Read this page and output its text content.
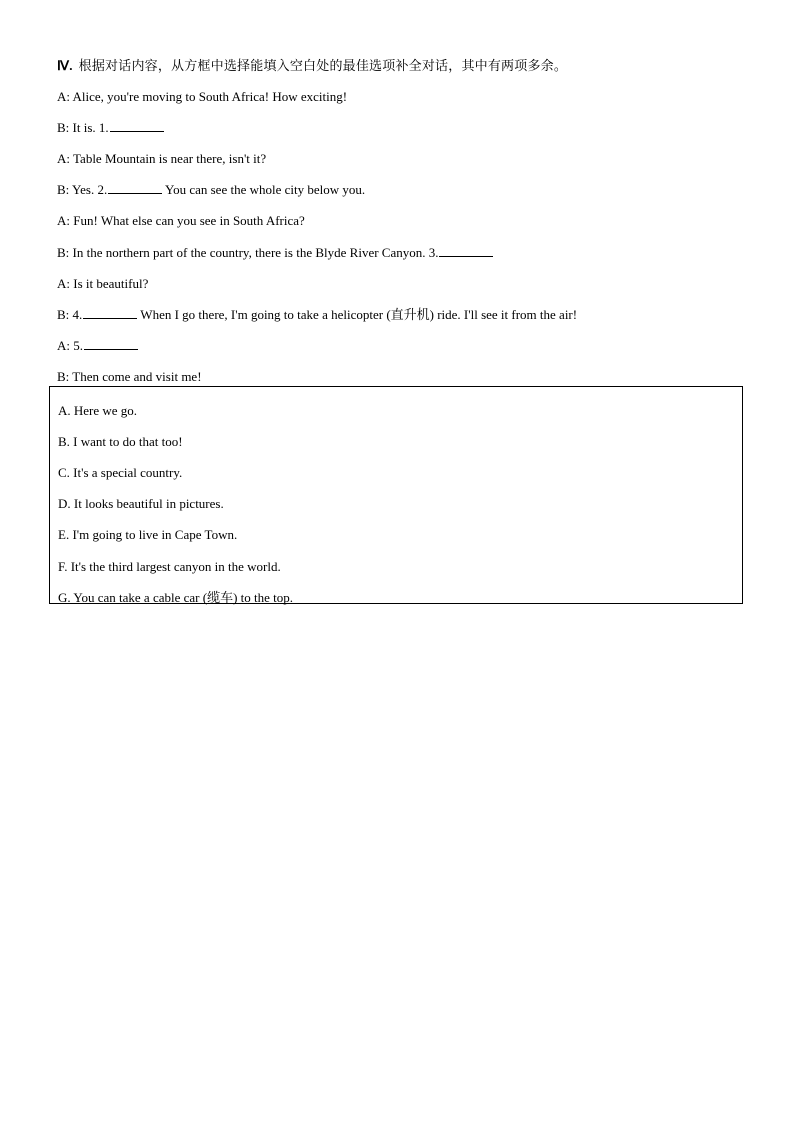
Ⅳ. 根据对话内容，从方框中选择能填入空白处的最佳选项补全对话，其中有两项多余。
A: Alice, you're moving to South Africa! How exciting!
B: It is. 1.
A: Table Mountain is near there, isn't it?
B: Yes. 2.	You can see the whole city below you.
A: Fun! What else can you see in South Africa?
B: In the northern part of the country, there is the Blyde River Canyon. 3.
A: Is it beautiful?
B: 4.	When I go there, I'm going to take a helicopter (直升机) ride. I'll see it from the air!
A: 5.
B: Then come and visit me!
A. Here we go.
B. I want to do that too!
C. It's a special country.
D. It looks beautiful in pictures.
E. I'm going to live in Cape Town.
F. It's the third largest canyon in the world.
G. You can take a cable car (缆车) to the top.
